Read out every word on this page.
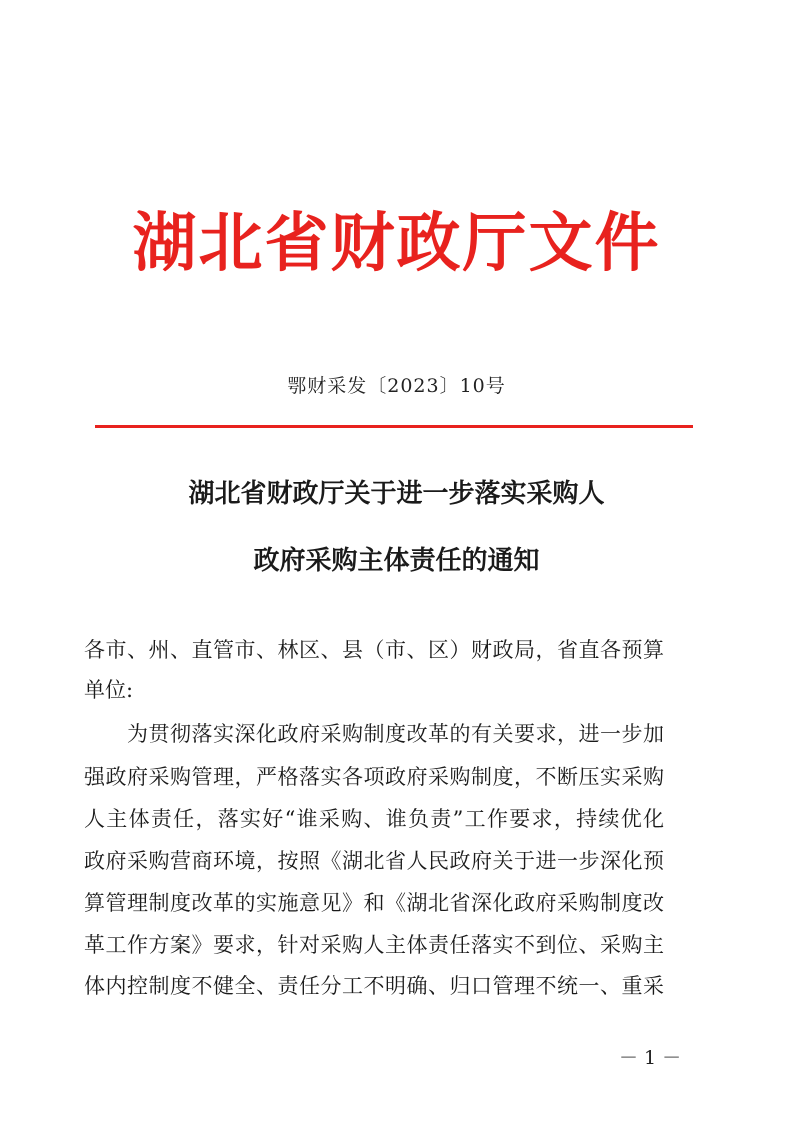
湖北省财政厅文件
鄂财采发〔2023〕10号
湖北省财政厅关于进一步落实采购人
政府采购主体责任的通知
各市、州、直管市、林区、县（市、区）财政局，省直各预算
单位:
　　为贯彻落实深化政府采购制度改革的有关要求，进一步加
强政府采购管理，严格落实各项政府采购制度，不断压实采购
人主体责任，落实好“谁采购、谁负责”工作要求，持续优化
政府采购营商环境，按照《湖北省人民政府关于进一步深化预
算管理制度改革的实施意见》和《湖北省深化政府采购制度改
革工作方案》要求，针对采购人主体责任落实不到位、采购主
体内控制度不健全、责任分工不明确、归口管理不统一、重采
－ 1 －
